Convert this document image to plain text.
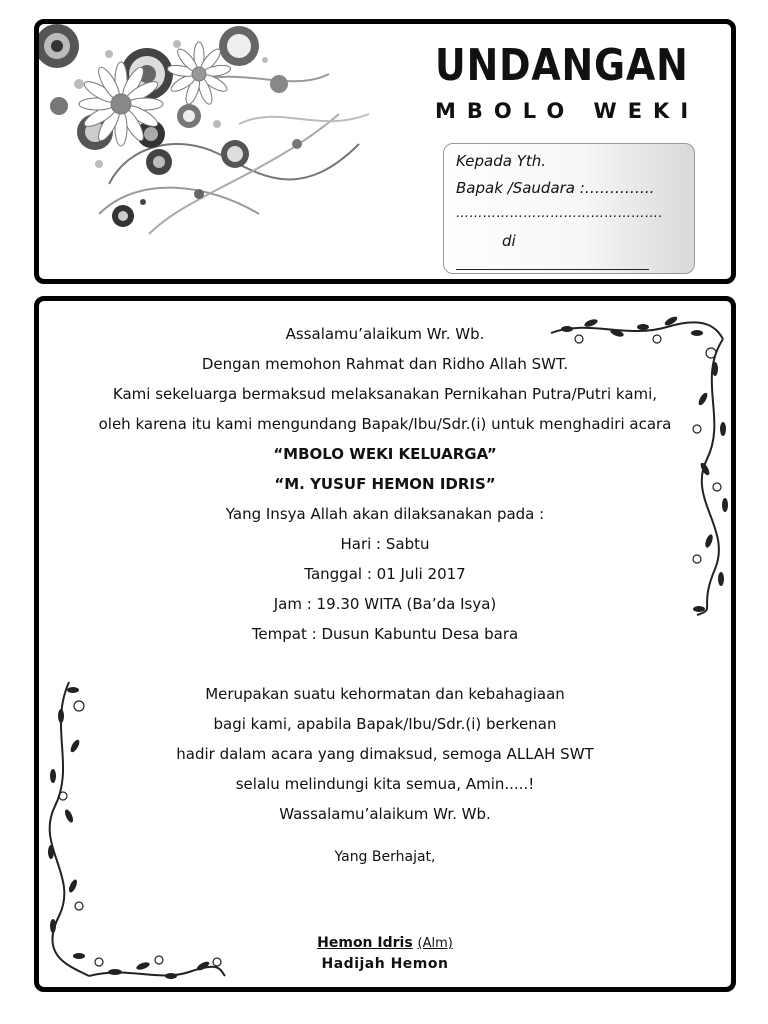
UNDANGAN
MBOLO WEKI
Kepada Yth.
Bapak /Saudara :…………..
……………………………………….
di

Assalamu’alaikum Wr. Wb.

Dengan memohon Rahmat dan Ridho Allah SWT.

Kami sekeluarga bermaksud melaksanakan Pernikahan Putra/Putri kami,

oleh karena itu kami mengundang Bapak/Ibu/Sdr.(i) untuk menghadiri acara

“MBOLO WEKI KELUARGA”

“M. YUSUF HEMON IDRIS”

Yang Insya Allah akan dilaksanakan pada :

Hari : Sabtu

Tanggal : 01 Juli 2017

Jam : 19.30 WITA (Ba’da Isya)

Tempat : Dusun Kabuntu Desa bara

Merupakan suatu kehormatan dan kebahagiaan

bagi kami, apabila Bapak/Ibu/Sdr.(i) berkenan

hadir dalam acara yang dimaksud, semoga ALLAH SWT

selalu melindungi kita semua, Amin.....!

Wassalamu’alaikum Wr. Wb.

Yang Berhajat,
Hemon Idris (Alm)
Hadijah Hemon
